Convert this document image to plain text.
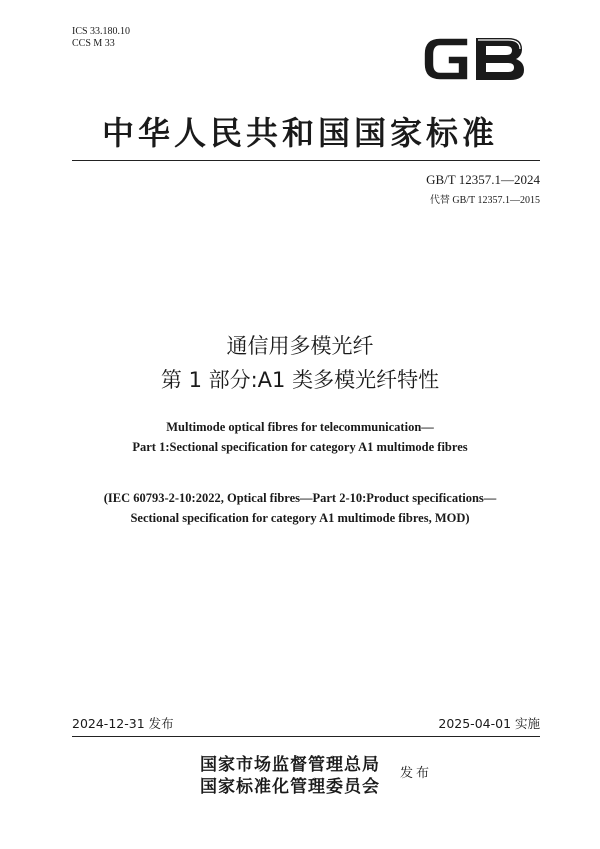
ICS 33.180.10
CCS M 33
中华人民共和国国家标准
GB/T 12357.1—2024
代替 GB/T 12357.1—2015
通信用多模光纤
第 1 部分:A1 类多模光纤特性
Multimode optical fibres for telecommunication—
Part 1:Sectional specification for category A1 multimode fibres
(IEC 60793-2-10:2022, Optical fibres—Part 2-10:Product specifications—
Sectional specification for category A1 multimode fibres, MOD)
2024-12-31 发布	2025-04-01 实施
国家市场监督管理总局
国家标准化管理委员会
发布
